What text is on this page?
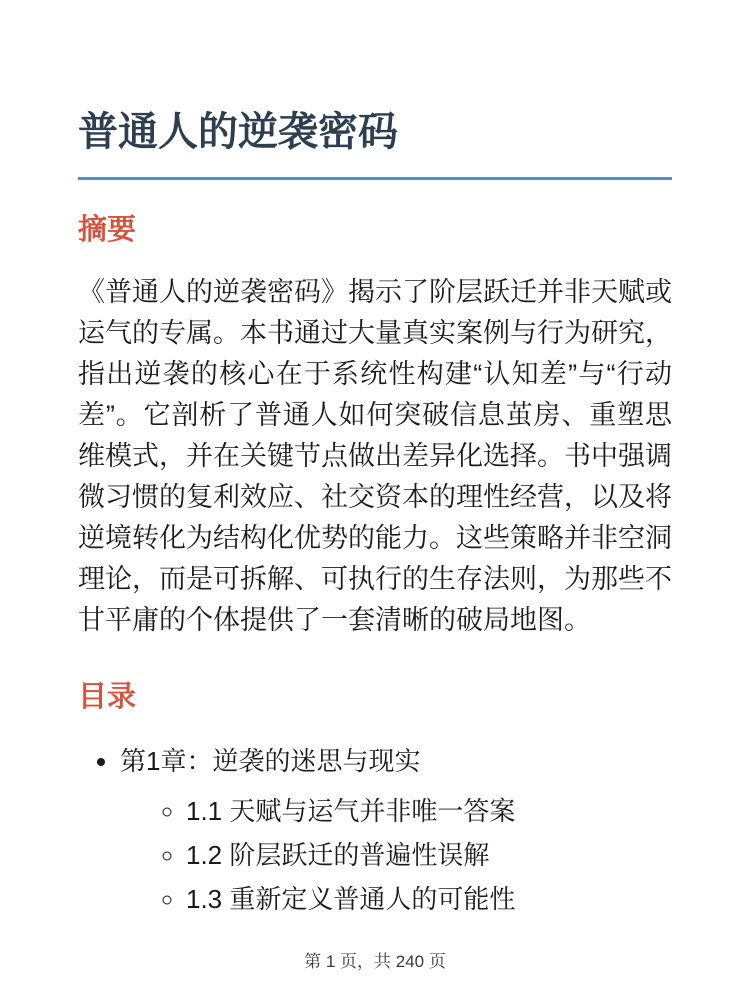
普通人的逆袭密码
摘要

《普通人的逆袭密码》揭示了阶层跃迁并非天赋或运气的专属。本书通过大量真实案例与行为研究，指出逆袭的核心在于系统性构建“认知差”与“行动差”。它剖析了普通人如何突破信息茧房、重塑思维模式，并在关键节点做出差异化选择。书中强调微习惯的复利效应、社交资本的理性经营，以及将逆境转化为结构化优势的能力。这些策略并非空洞理论，而是可拆解、可执行的生存法则，为那些不甘平庸的个体提供了一套清晰的破局地图。

目录
• 第1章：逆袭的迷思与现实
◦ 1.1 天赋与运气并非唯一答案
◦ 1.2 阶层跃迁的普遍性误解
◦ 1.3 重新定义普通人的可能性
第 1 页，共 240 页
